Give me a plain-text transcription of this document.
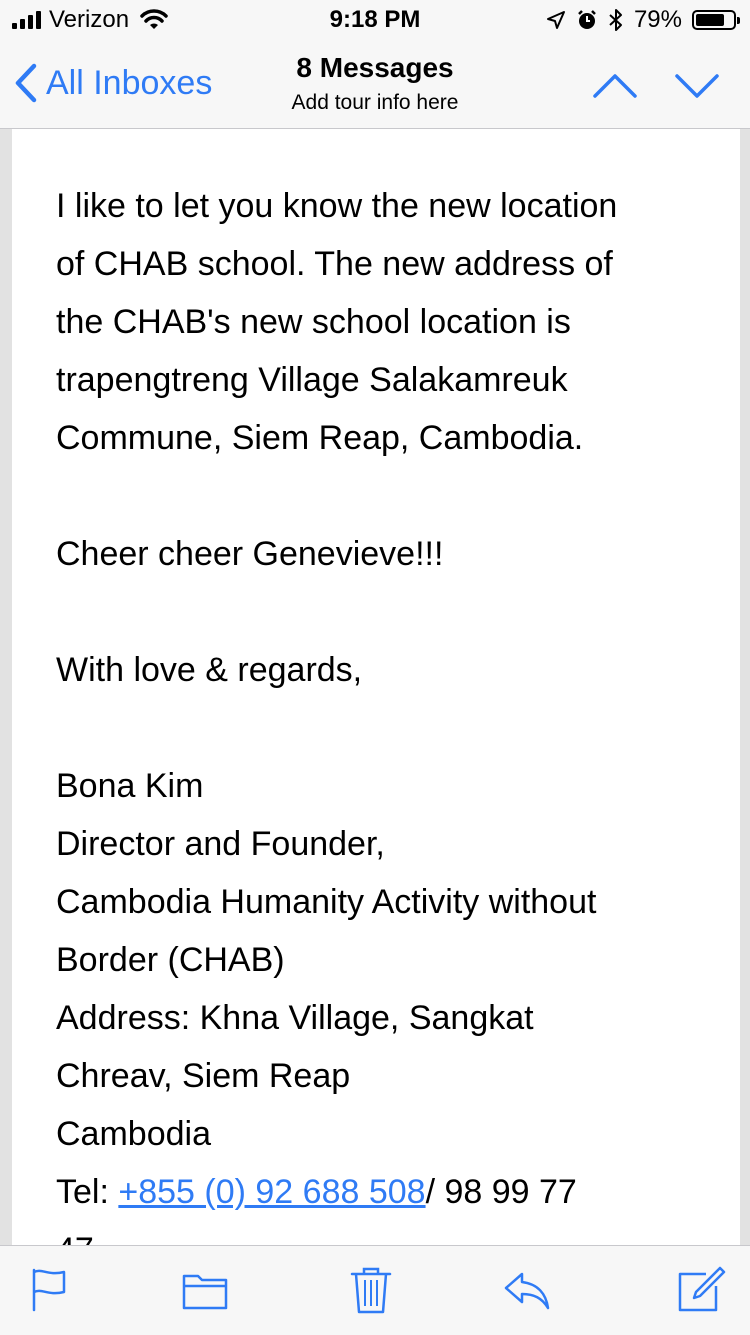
Verizon	9:18 PM	79%
All Inboxes	8 Messages
Add tour info here
I like to let you know the new location
of CHAB school. The new address of
the CHAB's new school location is
trapengtreng Village Salakamreuk
Commune, Siem Reap, Cambodia.
Cheer cheer Genevieve!!!
With love & regards,
Bona Kim
Director and Founder,
Cambodia Humanity Activity without
Border (CHAB)
Address: Khna Village, Sangkat
Chreav, Siem Reap
Cambodia
Tel: +855 (0) 92 688 508/ 98 99 77
